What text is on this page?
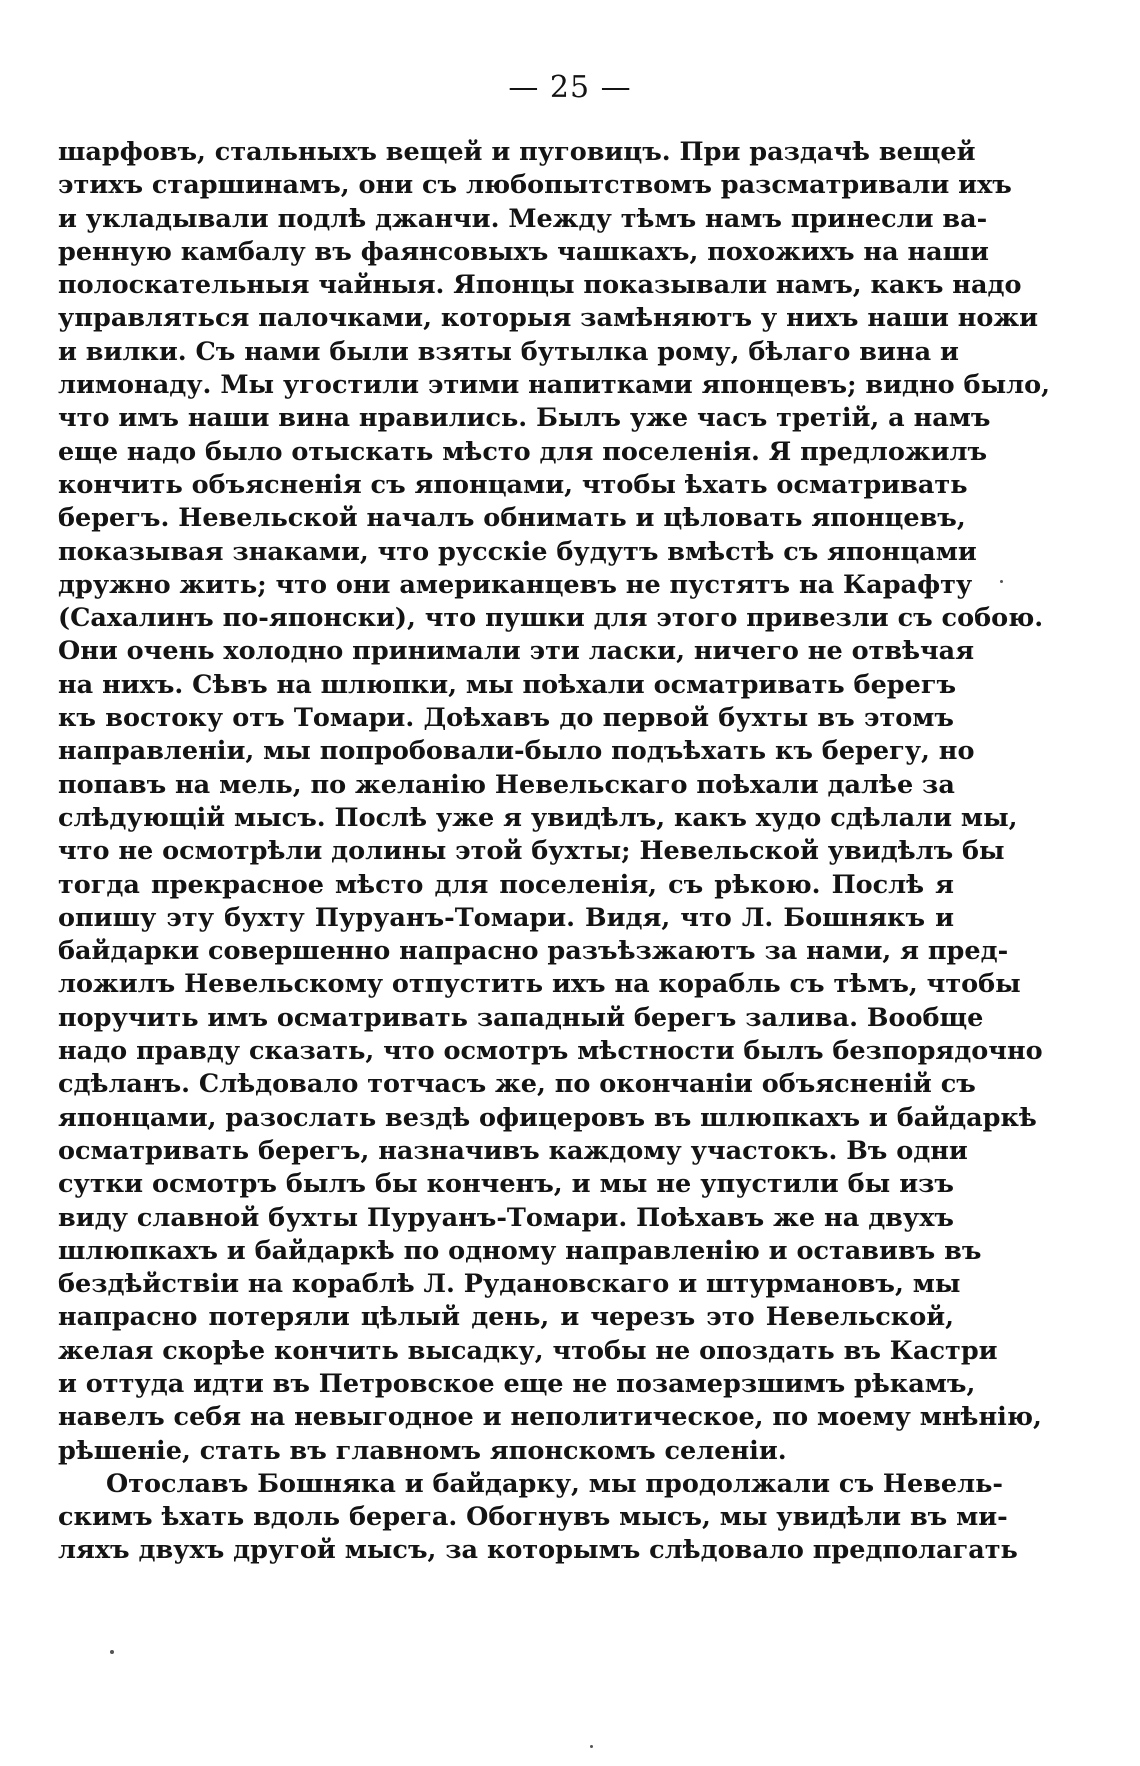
— 25 —
шарфовъ, стальныхъ вещей и пуговицъ. При раздачѣ вещей
этихъ старшинамъ, они съ любопытствомъ разсматривали ихъ
и укладывали подлѣ джанчи. Между тѣмъ намъ принесли ва-
ренную камбалу въ фаянсовыхъ чашкахъ, похожихъ на наши
полоскательныя чайныя. Японцы показывали намъ, какъ надо
управляться палочками, которыя замѣняютъ у нихъ наши ножи
и вилки. Съ нами были взяты бутылка рому, бѣлаго вина и
лимонаду. Мы угостили этими напитками японцевъ; видно было,
что имъ наши вина нравились. Былъ уже часъ третій, а намъ
еще надо было отыскать мѣсто для поселенія. Я предложилъ
кончить объясненія съ японцами, чтобы ѣхать осматривать
берегъ. Невельской началъ обнимать и цѣловать японцевъ,
показывая знаками, что русскіе будутъ вмѣстѣ съ японцами
дружно жить; что они американцевъ не пустятъ на Карафту
(Сахалинъ по-японски), что пушки для этого привезли съ собою.
Они очень холодно принимали эти ласки, ничего не отвѣчая
на нихъ. Сѣвъ на шлюпки, мы поѣхали осматривать берегъ
къ востоку отъ Томари. Доѣхавъ до первой бухты въ этомъ
направленіи, мы попробовали-было подъѣхать къ берегу, но
попавъ на мель, по желанію Невельскаго поѣхали далѣе за
слѣдующій мысъ. Послѣ уже я увидѣлъ, какъ худо сдѣлали мы,
что не осмотрѣли долины этой бухты; Невельской увидѣлъ бы
тогда прекрасное мѣсто для поселенія, съ рѣкою. Послѣ я
опишу эту бухту Пуруанъ-Томари. Видя, что Л. Бошнякъ и
байдарки совершенно напрасно разъѣзжаютъ за нами, я пред-
ложилъ Невельскому отпустить ихъ на корабль съ тѣмъ, чтобы
поручить имъ осматривать западный берегъ залива. Вообще
надо правду сказать, что осмотръ мѣстности былъ безпорядочно
сдѣланъ. Слѣдовало тотчасъ же, по окончаніи объясненій съ
японцами, разослать вездѣ офицеровъ въ шлюпкахъ и байдаркѣ
осматривать берегъ, назначивъ каждому участокъ. Въ одни
сутки осмотръ былъ бы конченъ, и мы не упустили бы изъ
виду славной бухты Пуруанъ-Томари. Поѣхавъ же на двухъ
шлюпкахъ и байдаркѣ по одному направленію и оставивъ въ
бездѣйствіи на кораблѣ Л. Рудановскаго и штурмановъ, мы
напрасно потеряли цѣлый день, и черезъ это Невельской,
желая скорѣе кончить высадку, чтобы не опоздать въ Кастри
и оттуда идти въ Петровское еще не позамерзшимъ рѣкамъ,
навелъ себя на невыгодное и неполитическое, по моему мнѣнію,
рѣшеніе, стать въ главномъ японскомъ селеніи.
Отославъ Бошняка и байдарку, мы продолжали съ Невель-
скимъ ѣхать вдоль берега. Обогнувъ мысъ, мы увидѣли въ ми-
ляхъ двухъ другой мысъ, за которымъ слѣдовало предполагать
